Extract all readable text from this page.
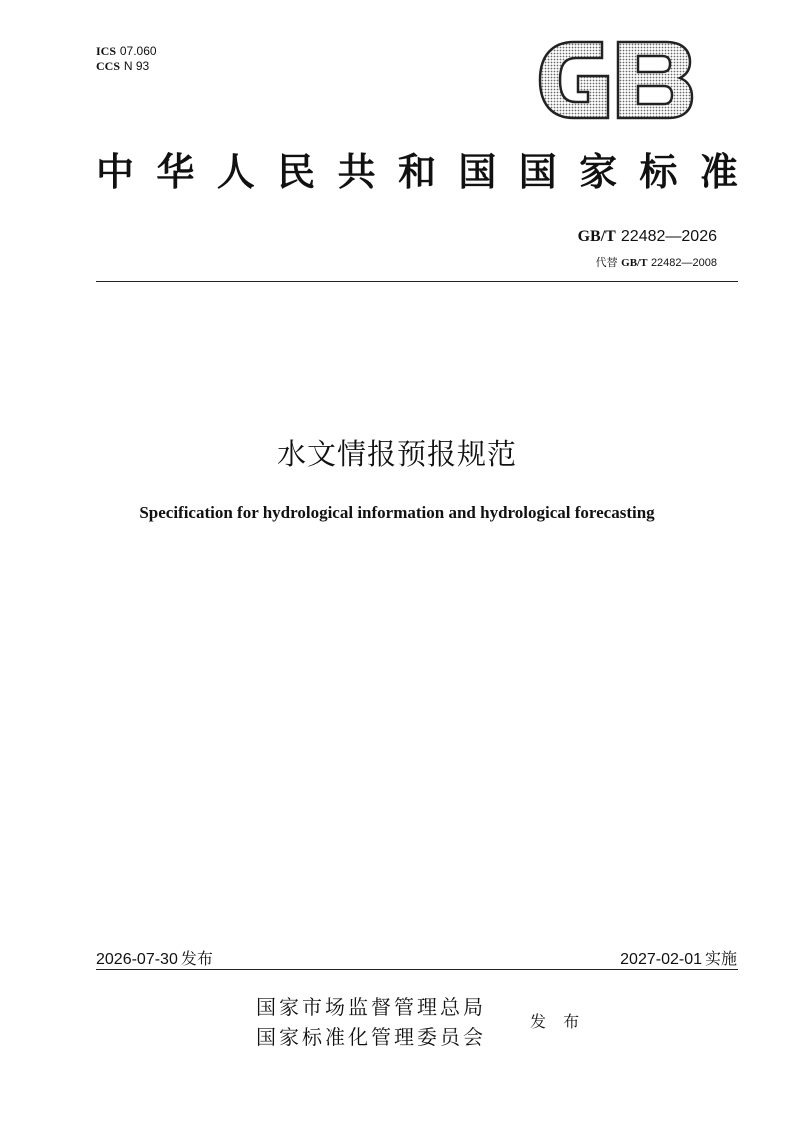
ICS 07.060
CCS N 93
中 华 人 民 共 和 国 国 家 标 准
GB/T 22482—2026
代替 GB/T 22482—2008
水文情报预报规范
Specification for hydrological information and hydrological forecasting
2026-07-30 发布	2027-02-01 实施
国家市场监督管理总局
国家标准化管理委员会
发 布
